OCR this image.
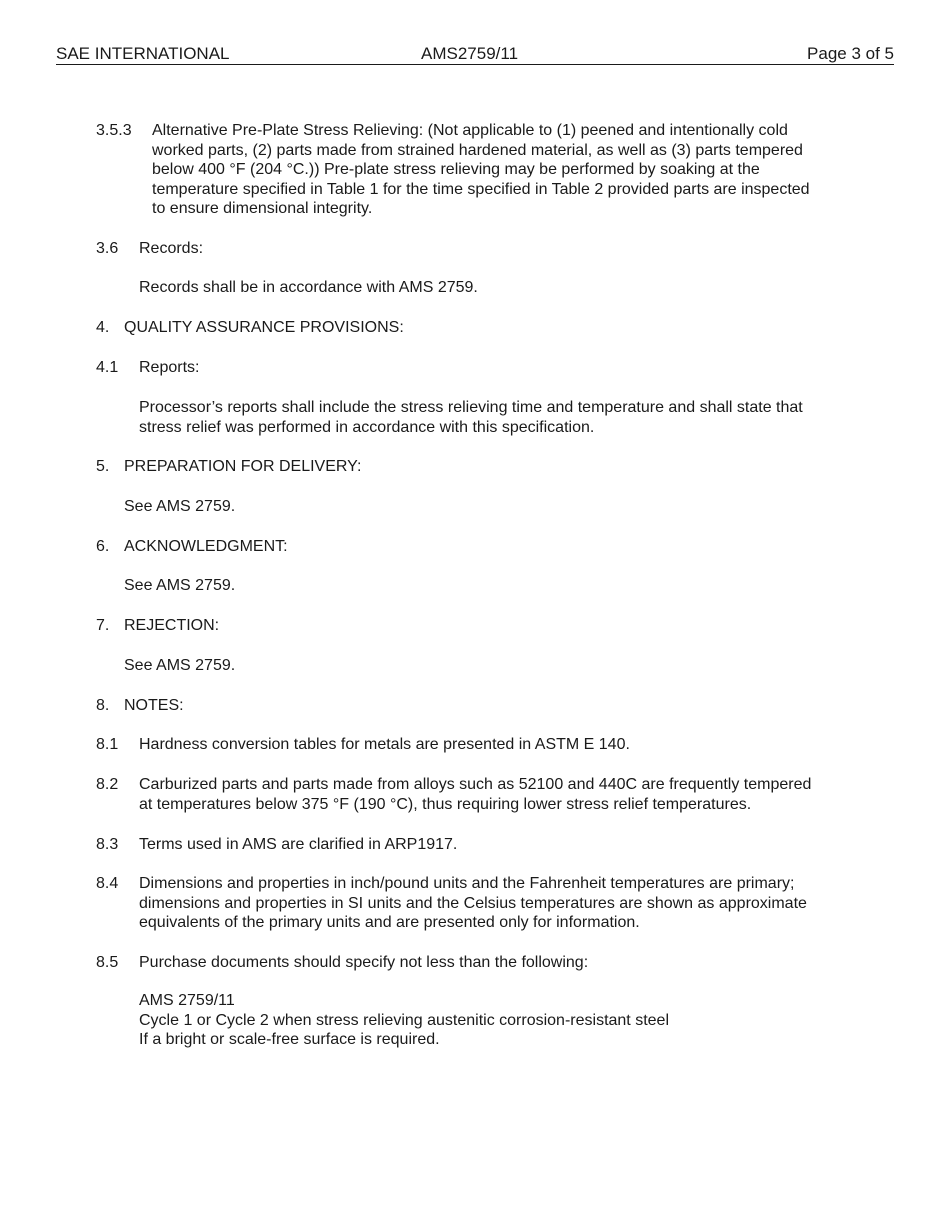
SAE INTERNATIONAL	AMS2759/11	Page 3 of 5
3.5.3 Alternative Pre-Plate Stress Relieving: (Not applicable to (1) peened and intentionally cold
worked parts, (2) parts made from strained hardened material, as well as (3) parts tempered
below 400 °F (204 °C.)) Pre-plate stress relieving may be performed by soaking at the
temperature specified in Table 1 for the time specified in Table 2 provided parts are inspected
to ensure dimensional integrity.
3.6 Records:
Records shall be in accordance with AMS 2759.
4. QUALITY ASSURANCE PROVISIONS:
4.1 Reports:
Processor’s reports shall include the stress relieving time and temperature and shall state that
stress relief was performed in accordance with this specification.
5. PREPARATION FOR DELIVERY:
See AMS 2759.
6. ACKNOWLEDGMENT:
See AMS 2759.
7. REJECTION:
See AMS 2759.
8. NOTES:
8.1 Hardness conversion tables for metals are presented in ASTM E 140.
8.2 Carburized parts and parts made from alloys such as 52100 and 440C are frequently tempered
at temperatures below 375 °F (190 °C), thus requiring lower stress relief temperatures.
8.3 Terms used in AMS are clarified in ARP1917.
8.4 Dimensions and properties in inch/pound units and the Fahrenheit temperatures are primary;
dimensions and properties in SI units and the Celsius temperatures are shown as approximate
equivalents of the primary units and are presented only for information.
8.5 Purchase documents should specify not less than the following:
AMS 2759/11
Cycle 1 or Cycle 2 when stress relieving austenitic corrosion-resistant steel
If a bright or scale-free surface is required.
